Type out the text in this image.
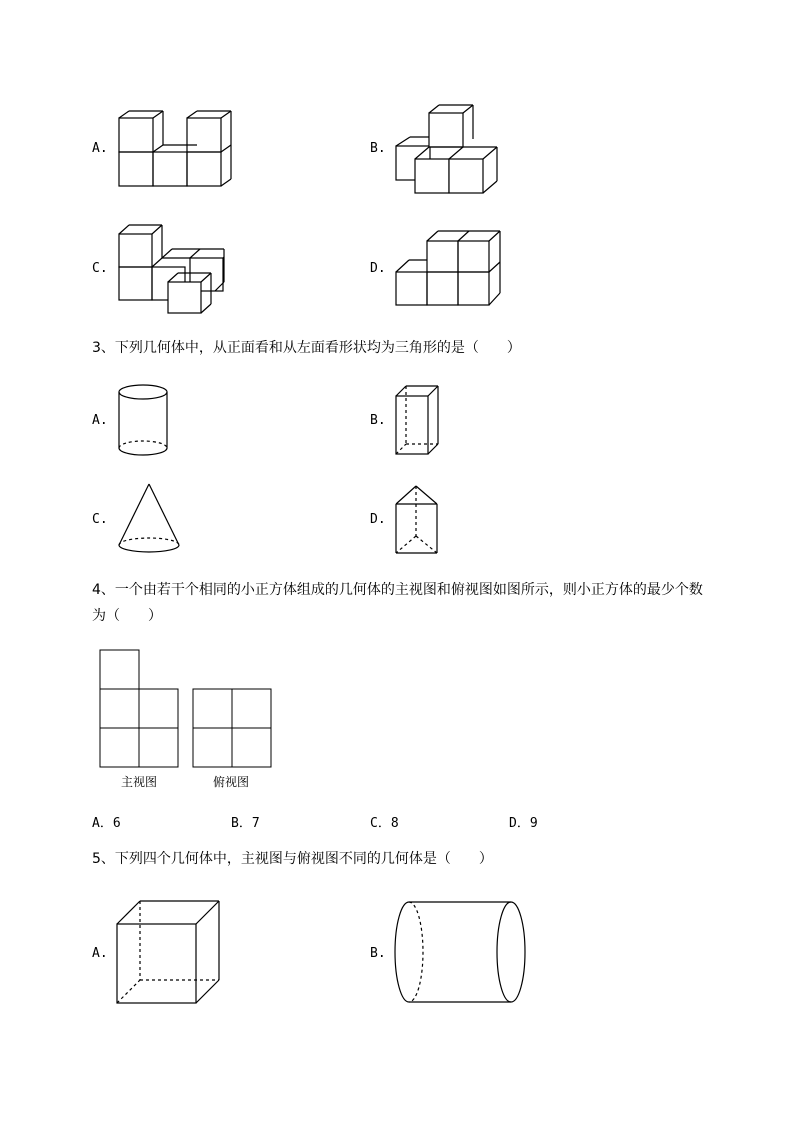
A.	B.
C.	D.
3、下列几何体中，从正面看和从左面看形状均为三角形的是（　　）
A.	B.
C.	D.
4、一个由若干个相同的小正方体组成的几何体的主视图和俯视图如图所示，则小正方体的最少个数
为（　　）
主视图	俯视图
A．6	B．7	C．8	D．9
5、下列四个几何体中，主视图与俯视图不同的几何体是（　　）
A.	B.
